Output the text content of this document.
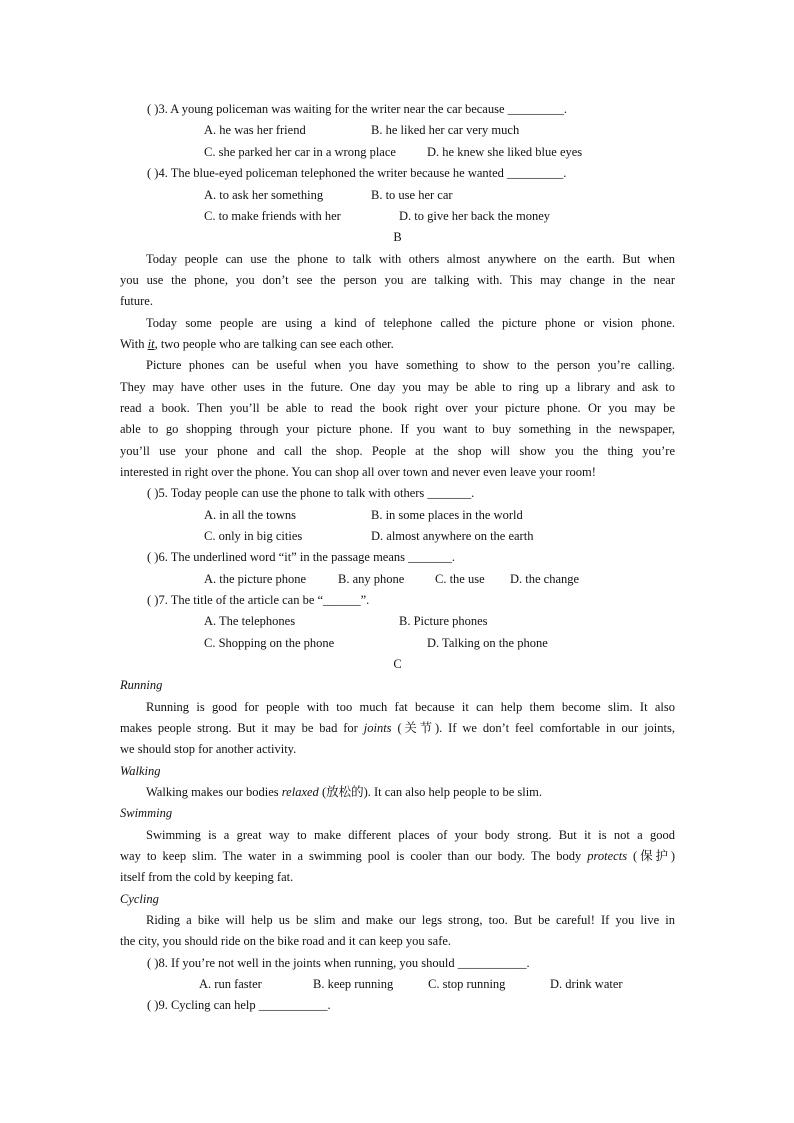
( )3. A young policeman was waiting for the writer near the car because _________.
A. he was her friend	B. he liked her car very much
C. she parked her car in a wrong place D. he knew she liked blue eyes
( )4. The blue-eyed policeman telephoned the writer because he wanted _________.
A. to ask her something	B. to use her car
C. to make friends with her	D. to give her back the money
B
Today people can use the phone to talk with others almost anywhere on the earth. But when
you use the phone, you don’t see the person you are talking with. This may change in the near
future.
Today some people are using a kind of telephone called the picture phone or vision phone.
With it, two people who are talking can see each other.
Picture phones can be useful when you have something to show to the person you’re calling.
They may have other uses in the future. One day you may be able to ring up a library and ask to
read a book. Then you’ll be able to read the book right over your picture phone. Or you may be
able to go shopping through your picture phone. If you want to buy something in the newspaper,
you’ll use your phone and call the shop. People at the shop will show you the thing you’re
interested in right over the phone. You can shop all over town and never even leave your room!
( )5. Today people can use the phone to talk with others _______.
A. in all the towns	B. in some places in the world
C. only in big cities	D. almost anywhere on the earth
( )6. The underlined word “it” in the passage means _______.
A. the picture phone	B. any phone C. the use D. the change
( )7. The title of the article can be “______”.
A. The telephones	B. Picture phones
C. Shopping on the phone	D. Talking on the phone
C
Running
Running is good for people with too much fat because it can help them become slim. It also
makes people strong. But it may be bad for joints (关节). If we don’t feel comfortable in our joints,
we should stop for another activity.
Walking
Walking makes our bodies relaxed (放松的). It can also help people to be slim.
Swimming
Swimming is a great way to make different places of your body strong. But it is not a good
way to keep slim. The water in a swimming pool is cooler than our body. The body protects (保护)
itself from the cold by keeping fat.
Cycling
Riding a bike will help us be slim and make our legs strong, too. But be careful! If you live in
the city, you should ride on the bike road and it can keep you safe.
( )8. If you’re not well in the joints when running, you should ___________.
A. run faster	B. keep running	C. stop running	D. drink water
( )9. Cycling can help ___________.
